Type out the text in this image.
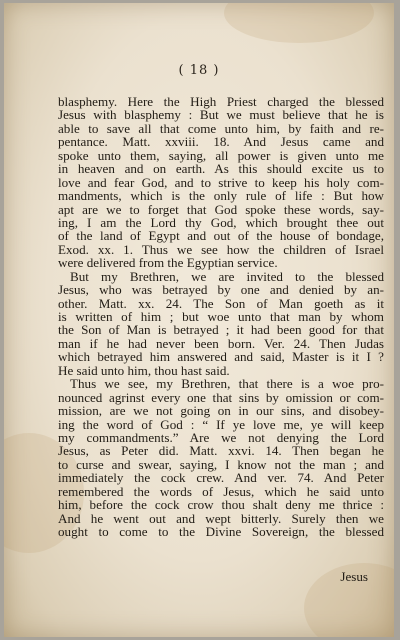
( 18 )
blasphemy. Here the High Priest charged the blessed
Jesus with blasphemy : But we must believe that he is
able to save all that come unto him, by faith and re-
pentance. Matt. xxviii. 18. And Jesus came and
spoke unto them, saying, all power is given unto me
in heaven and on earth. As this should excite us to
love and fear God, and to strive to keep his holy com-
mandments, which is the only rule of life : But how
apt are we to forget that God spoke these words, say-
ing, I am the Lord thy God, which brought thee out
of the land of Egypt and out of the house of bondage,
Exod. xx. 1. Thus we see how the children of Israel
were delivered from the Egyptian service.
But my Brethren, we are invited to the blessed
Jesus, who was betrayed by one and denied by an-
other. Matt. xx. 24. The Son of Man goeth as it
is written of him ; but woe unto that man by whom
the Son of Man is betrayed ; it had been good for that
man if he had never been born. Ver. 24. Then Judas
which betrayed him answered and said, Master is it I ?
He said unto him, thou hast said.
Thus we see, my Brethren, that there is a woe pro-
nounced agrinst every one that sins by omission or com-
mission, are we not going on in our sins, and disobey-
ing the word of God : “ If ye love me, ye will keep
my commandments.” Are we not denying the Lord
Jesus, as Peter did. Matt. xxvi. 14. Then began he
to curse and swear, saying, I know not the man ; and
immediately the cock crew. And ver. 74. And Peter
remembered the words of Jesus, which he said unto
him, before the cock crow thou shalt deny me thrice :
And he went out and wept bitterly. Surely then we
ought to come to the Divine Sovereign, the blessed
Jesus
